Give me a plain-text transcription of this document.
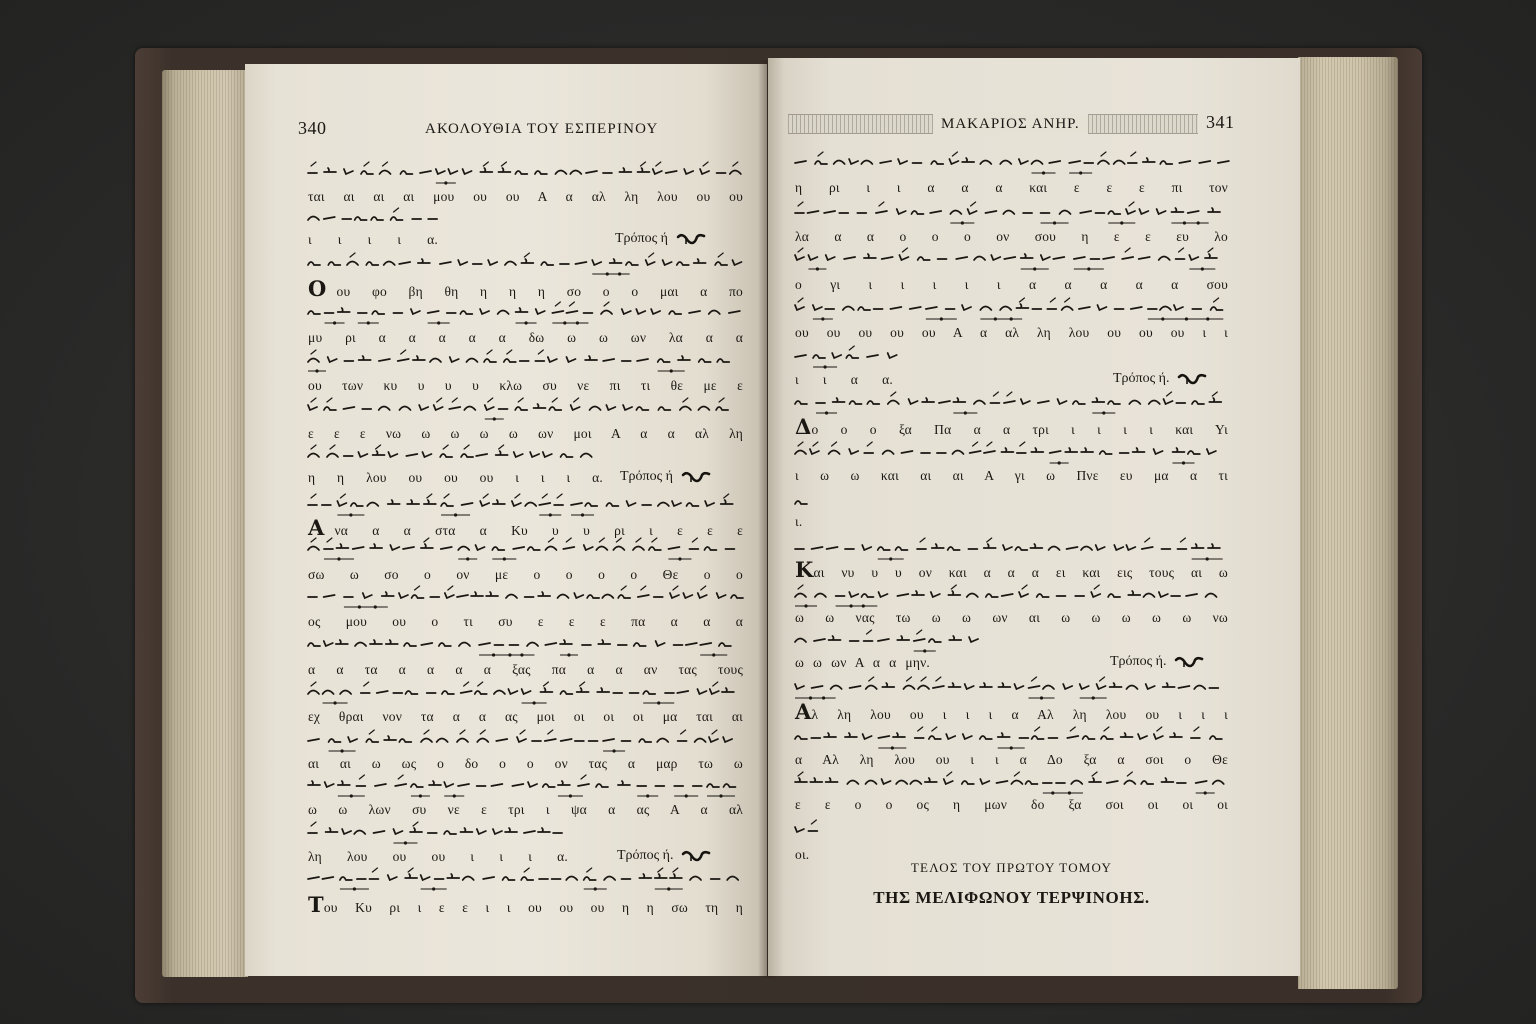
340	ΑΚΟΛΟΥΘΙΑ ΤΟΥ ΕΣΠΕΡΙΝΟΥ
ται αι αι αι μου ου ου Α α αλ λη λου ου ου
ι ι ι ι α.	Τρόπος ή
Οου φο βη θη η η η σο ο ο μαι α πο
μυ ρι α α α α α δω ω ω ων λα α α
ου των κυ υ υ υ κλω συ νε πι τι θε με ε
ε ε ε νω ω ω ω ω ων μοι Α α α αλ λη
η η λου ου ου ου ι ι ι α. Τρόπος ή
Ανα α α στα α Κυ υ υ ρι ι ε ε ε
σω ω σο ο ον με ο ο ο ο Θε ο ο
ος μου ου ο τι συ ε ε ε πα α α α
α α τα α α α α ξας πα α α αν τας τους
εχ θραι νον τα α α ας μοι οι οι οι μα ται αι
αι αι ω ως ο δο ο ο ον τας α μαρ τω ω
ω ω λων συ νε ε τρι ι ψα α ας Α α αλ
λη λου ου ου ι ι ι α.	Τρόπος ή.
Του Κυ ρι ι ε ε ι ι ου ου ου η η σω τη η
ΜΑΚΑΡΙΟΣ ΑΝΗΡ.	341
η ρι ι ι α α α και ε ε ε πι τον
λα α α ο ο ο ον σου η ε ε ευ λο
ο γι ι ι ι ι ι α α α α α σου
ου ου ου ου ου Α α αλ λη λου ου ου ου ι ι
ι ι α α.	Τρόπος ή.
Δο ο ο ξα Πα α α τρι ι ι ι ι και Υι
ι ω ω και αι αι Α γι ω Πνε ευ μα α τι
ι.
Και νυ υ υ ον και α α α ει και εις τους αι ω
ω ω νας τω ω ω ων αι ω ω ω ω ω νω
ω ω ων Α α α μην.	Τρόπος ή.
Αλ λη λου ου ι ι ι α Αλ λη λου ου ι ι ι
α Αλ λη λου ου ι ι α Δο ξα α σοι ο Θε
ε ε ο ο ος η μων δο ξα σοι οι οι οι
οι.
ΤΕΛΟΣ ΤΟΥ ΠΡΩΤΟΥ ΤΟΜΟΥ
ΤΗΣ ΜΕΛΙΦΩΝΟΥ ΤΕΡΨΙΝΟΗΣ.
